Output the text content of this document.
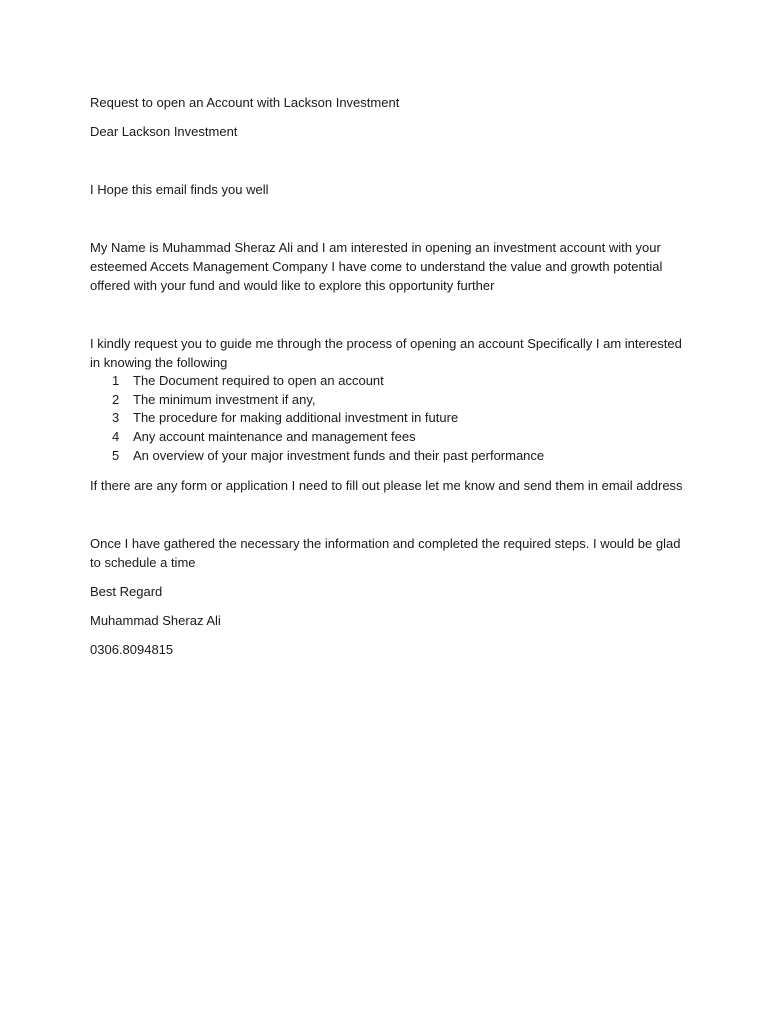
Request to open an Account with Lackson Investment

Dear Lackson Investment

I Hope this email finds you well

My Name is Muhammad Sheraz Ali and I am interested in opening an investment account with your

esteemed Accets Management Company I have come to understand the value and growth potential

offered with your fund and would like to explore this opportunity further

I kindly request you to guide me through the process of opening an account Specifically I am interested

in knowing the following

1	The Document required to open an account
2	The minimum investment if any,
3	The procedure for making additional investment in future
4	Any account maintenance and management fees
5	An overview of your major investment funds and their past performance

If there are any form or application I need to fill out please let me know and send them in email address

Once I have gathered the necessary the information and completed the required steps. I would be glad

to schedule a time

Best Regard

Muhammad Sheraz Ali

0306.8094815
